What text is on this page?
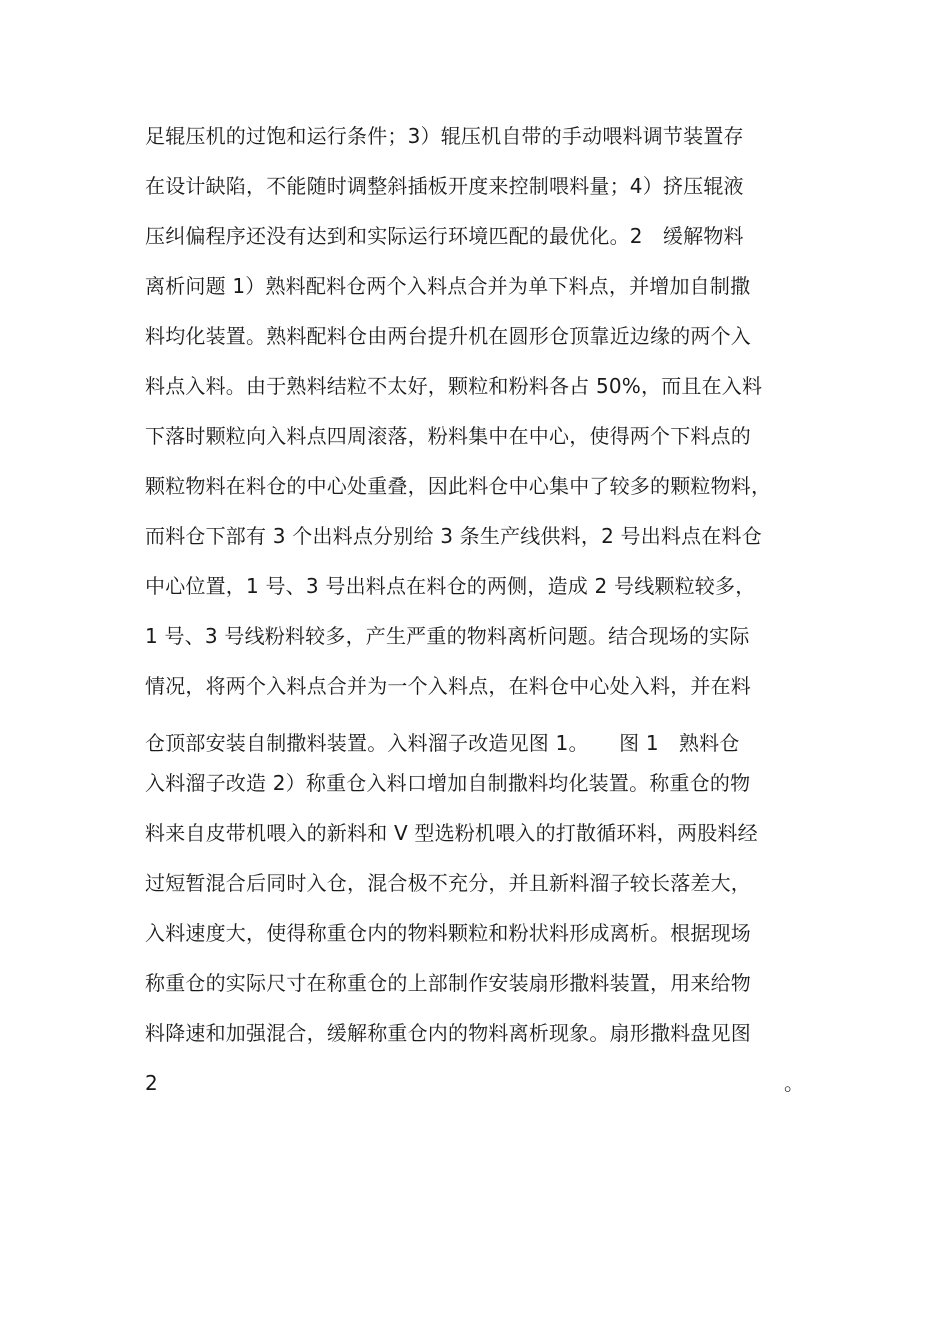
足辊压机的过饱和运行条件；3）辊压机自带的手动喂料调节装置存
在设计缺陷，不能随时调整斜插板开度来控制喂料量；4）挤压辊液
压纠偏程序还没有达到和实际运行环境匹配的最优化。2　缓解物料
离析问题 1）熟料配料仓两个入料点合并为单下料点，并增加自制撒
料均化装置。熟料配料仓由两台提升机在圆形仓顶靠近边缘的两个入
料点入料。由于熟料结粒不太好，颗粒和粉料各占 50%，而且在入料
下落时颗粒向入料点四周滚落，粉料集中在中心，使得两个下料点的
颗粒物料在料仓的中心处重叠，因此料仓中心集中了较多的颗粒物料，
而料仓下部有 3 个出料点分别给 3 条生产线供料，2 号出料点在料仓
中心位置，1 号、3 号出料点在料仓的两侧，造成 2 号线颗粒较多，
1 号、3 号线粉料较多，产生严重的物料离析问题。结合现场的实际
情况，将两个入料点合并为一个入料点，在料仓中心处入料，并在料
仓顶部安装自制撒料装置。入料溜子改造见图 1。　　图 1　熟料仓
入料溜子改造 2）称重仓入料口增加自制撒料均化装置。称重仓的物
料来自皮带机喂入的新料和 V 型选粉机喂入的打散循环料，两股料经
过短暂混合后同时入仓，混合极不充分，并且新料溜子较长落差大，
入料速度大，使得称重仓内的物料颗粒和粉状料形成离析。根据现场
称重仓的实际尺寸在称重仓的上部制作安装扇形撒料装置，用来给物
料降速和加强混合，缓解称重仓内的物料离析现象。扇形撒料盘见图
2	。
